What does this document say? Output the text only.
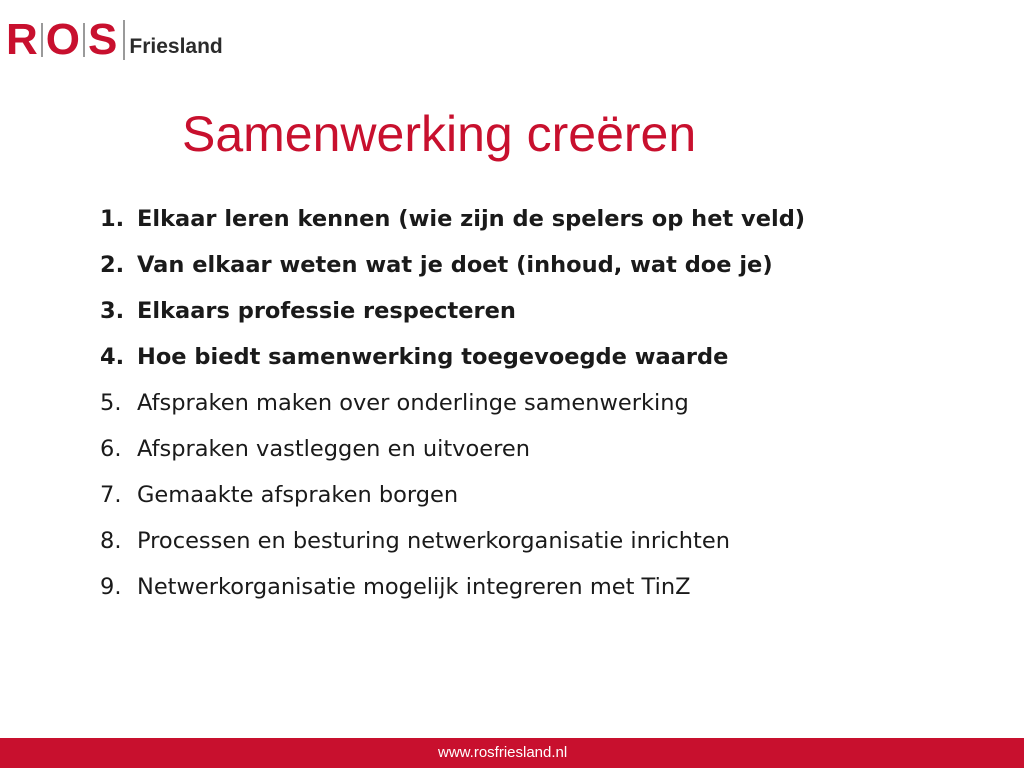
R O S Friesland
Samenwerking creëren
1. Elkaar leren kennen (wie zijn de spelers op het veld)
2. Van elkaar weten wat je doet (inhoud, wat doe je)
3. Elkaars professie respecteren
4. Hoe biedt samenwerking toegevoegde waarde
5. Afspraken maken over onderlinge samenwerking
6. Afspraken vastleggen en uitvoeren
7. Gemaakte afspraken borgen
8. Processen en besturing netwerkorganisatie inrichten
9. Netwerkorganisatie mogelijk integreren met TinZ
www.rosfriesland.nl
